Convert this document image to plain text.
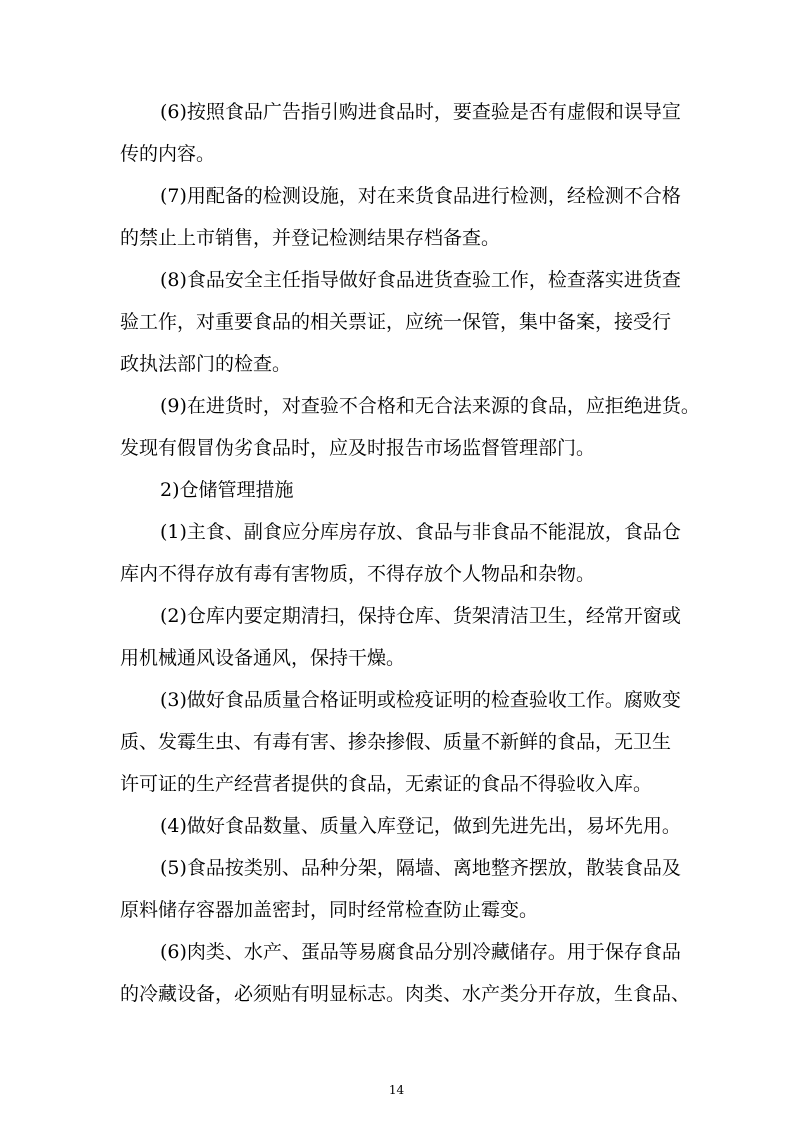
(6)按照食品广告指引购进食品时，要查验是否有虚假和误导宣
传的内容。
(7)用配备的检测设施，对在来货食品进行检测，经检测不合格
的禁止上市销售，并登记检测结果存档备查。
(8)食品安全主任指导做好食品进货查验工作，检查落实进货查
验工作，对重要食品的相关票证，应统一保管，集中备案，接受行
政执法部门的检查。
(9)在进货时，对查验不合格和无合法来源的食品，应拒绝进货。
发现有假冒伪劣食品时，应及时报告市场监督管理部门。
2)仓储管理措施
(1)主食、副食应分库房存放、食品与非食品不能混放，食品仓
库内不得存放有毒有害物质，不得存放个人物品和杂物。
(2)仓库内要定期清扫，保持仓库、货架清洁卫生，经常开窗或
用机械通风设备通风，保持干燥。
(3)做好食品质量合格证明或检疫证明的检查验收工作。腐败变
质、发霉生虫、有毒有害、掺杂掺假、质量不新鲜的食品，无卫生
许可证的生产经营者提供的食品，无索证的食品不得验收入库。
(4)做好食品数量、质量入库登记，做到先进先出，易坏先用。
(5)食品按类别、品种分架，隔墙、离地整齐摆放，散装食品及
原料储存容器加盖密封，同时经常检查防止霉变。
(6)肉类、水产、蛋品等易腐食品分别冷藏储存。用于保存食品
的冷藏设备，必须贴有明显标志。肉类、水产类分开存放，生食品、
14
